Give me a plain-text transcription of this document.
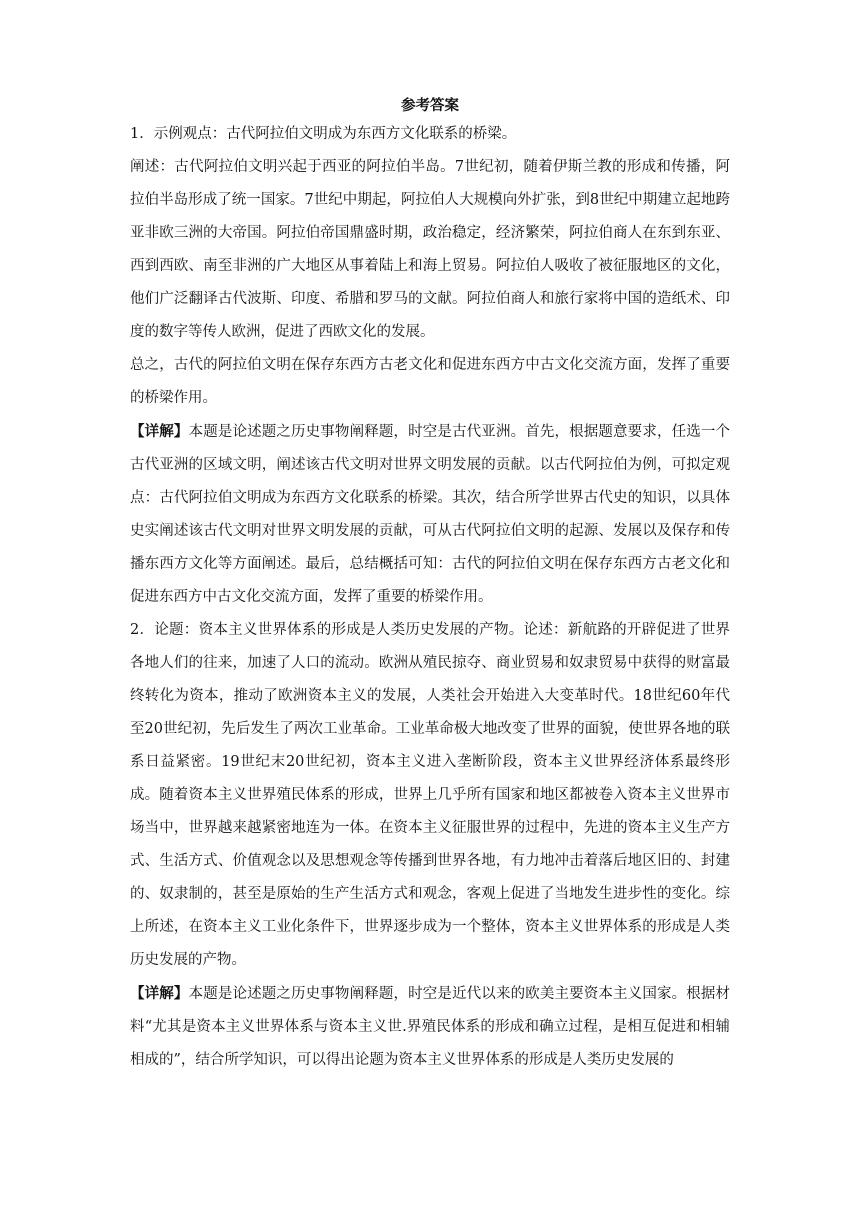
参考答案

1．示例观点：古代阿拉伯文明成为东西方文化联系的桥梁。

阐述：古代阿拉伯文明兴起于西亚的阿拉伯半岛。7世纪初，随着伊斯兰教的形成和传播，阿拉伯半岛形成了统一国家。7世纪中期起，阿拉伯人大规模向外扩张，到8世纪中期建立起地跨亚非欧三洲的大帝国。阿拉伯帝国鼎盛时期，政治稳定，经济繁荣，阿拉伯商人在东到东亚、西到西欧、南至非洲的广大地区从事着陆上和海上贸易。阿拉伯人吸收了被征服地区的文化，他们广泛翻译古代波斯、印度、希腊和罗马的文献。阿拉伯商人和旅行家将中国的造纸术、印度的数字等传人欧洲，促进了西欧文化的发展。

总之，古代的阿拉伯文明在保存东西方古老文化和促进东西方中古文化交流方面，发挥了重要的桥梁作用。

【详解】本题是论述题之历史事物阐释题，时空是古代亚洲。首先，根据题意要求，任选一个古代亚洲的区域文明，阐述该古代文明对世界文明发展的贡献。以古代阿拉伯为例，可拟定观点：古代阿拉伯文明成为东西方文化联系的桥梁。其次，结合所学世界古代史的知识，以具体史实阐述该古代文明对世界文明发展的贡献，可从古代阿拉伯文明的起源、发展以及保存和传播东西方文化等方面阐述。最后，总结概括可知：古代的阿拉伯文明在保存东西方古老文化和促进东西方中古文化交流方面，发挥了重要的桥梁作用。

2．论题：资本主义世界体系的形成是人类历史发展的产物。论述：新航路的开辟促进了世界各地人们的往来，加速了人口的流动。欧洲从殖民掠夺、商业贸易和奴隶贸易中获得的财富最终转化为资本，推动了欧洲资本主义的发展，人类社会开始进入大变革时代。18世纪60年代至20世纪初，先后发生了两次工业革命。工业革命极大地改变了世界的面貌，使世界各地的联系日益紧密。19世纪末20世纪初，资本主义进入垄断阶段，资本主义世界经济体系最终形成。随着资本主义世界殖民体系的形成，世界上几乎所有国家和地区都被卷入资本主义世界市场当中，世界越来越紧密地连为一体。在资本主义征服世界的过程中，先进的资本主义生产方式、生活方式、价值观念以及思想观念等传播到世界各地，有力地冲击着落后地区旧的、封建的、奴隶制的，甚至是原始的生产生活方式和观念，客观上促进了当地发生进步性的变化。综上所述，在资本主义工业化条件下，世界逐步成为一个整体，资本主义世界体系的形成是人类历史发展的产物。

【详解】本题是论述题之历史事物阐释题，时空是近代以来的欧美主要资本主义国家。根据材料“尤其是资本主义世界体系与资本主义世.界殖民体系的形成和确立过程，是相互促进和相辅相成的”，结合所学知识，可以得出论题为资本主义世界体系的形成是人类历史发展的
